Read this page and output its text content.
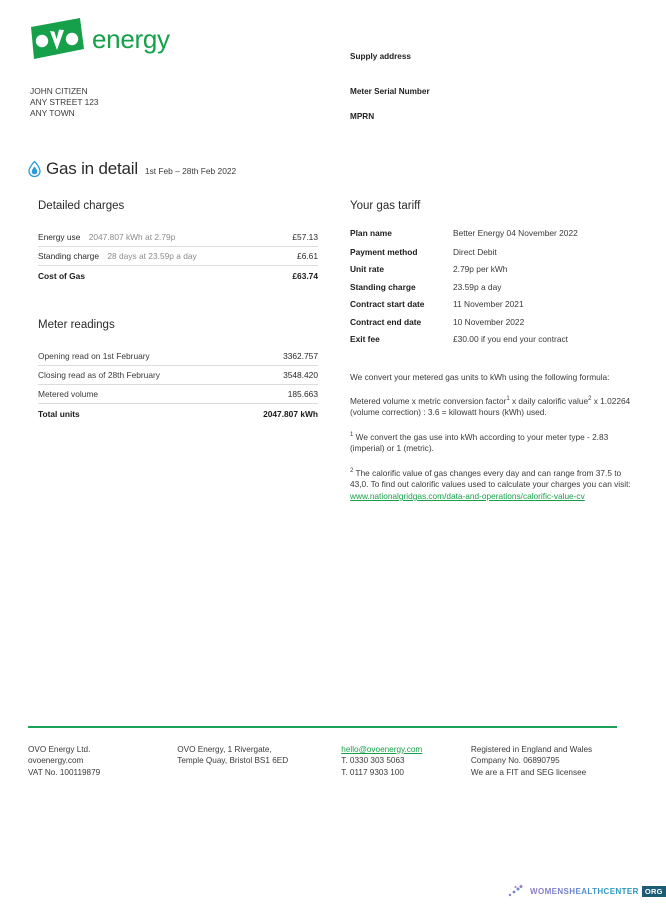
energy
JOHN CITIZEN
ANY STREET 123
ANY TOWN
Supply address
Meter Serial Number
MPRN
Gas in detail 1st Feb – 28th Feb 2022
Detailed charges
Energy use 2047.807 kWh at 2.79p	£57.13
Standing charge 28 days at 23.59p a day	£6.61
Cost of Gas	£63.74
Meter readings
Opening read on 1st February	3362.757
Closing read as of 28th February	3548.420
Metered volume	185.663
Total units	2047.807 kWh
Your gas tariff
Plan name	Better Energy 04 November 2022
Payment method	Direct Debit
Unit rate	2.79p per kWh
Standing charge	23.59p a day
Contract start date	11 November 2021
Contract end date	10 November 2022
Exit fee	£30.00 if you end your contract

We convert your metered gas units to kWh using the following formula:

Metered volume x metric conversion factor$^1$ x daily calorific value$^2$ x 1.02264 (volume correction) : 3.6 = kilowatt hours (kWh) used.

$^1$ We convert the gas use into kWh according to your meter type - 2.83 (imperial) or 1 (metric).

$^2$ The calorific value of gas changes every day and can range from 37.5 to 43,0. To find out calorific values used to calculate your charges you can visit: www.nationalgridgas.com/data-and-operations/calorific-value-cv

OVO Energy Ltd.
ovoenergy.com
VAT No. 100119879
OVO Energy, 1 Rivergate,
Temple Quay, Bristol BS1 6ED
hello@ovoenergy.com
T. 0330 303 5063
T. 0117 9303 100
Registered in England and Wales
Company No. 06890795
We are a FIT and SEG licensee
WOMENSHEALTHCENTER ORG
